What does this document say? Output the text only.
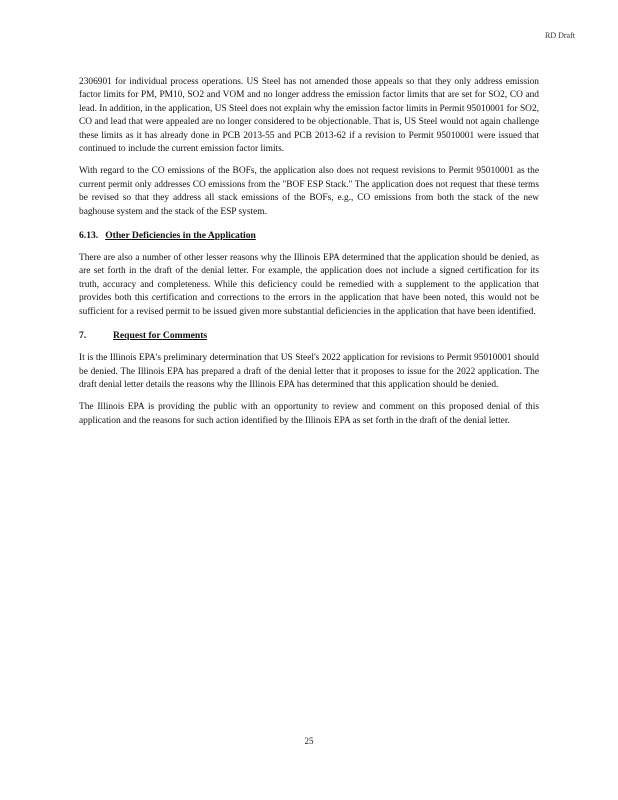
RD Draft

2306901 for individual process operations. US Steel has not amended those appeals so that they only address emission factor limits for PM, PM10, SO2 and VOM and no longer address the emission factor limits that are set for SO2, CO and lead. In addition, in the application, US Steel does not explain why the emission factor limits in Permit 95010001 for SO2, CO and lead that were appealed are no longer considered to be objectionable. That is, US Steel would not again challenge these limits as it has already done in PCB 2013-55 and PCB 2013-62 if a revision to Permit 95010001 were issued that continued to include the current emission factor limits.

With regard to the CO emissions of the BOFs, the application also does not request revisions to Permit 95010001 as the current permit only addresses CO emissions from the "BOF ESP Stack." The application does not request that these terms be revised so that they address all stack emissions of the BOFs, e.g., CO emissions from both the stack of the new baghouse system and the stack of the ESP system.

6.13. Other Deficiencies in the Application

There are also a number of other lesser reasons why the Illinois EPA determined that the application should be denied, as are set forth in the draft of the denial letter. For example, the application does not include a signed certification for its truth, accuracy and completeness. While this deficiency could be remedied with a supplement to the application that provides both this certification and corrections to the errors in the application that have been noted, this would not be sufficient for a revised permit to be issued given more substantial deficiencies in the application that have been identified.

7.	Request for Comments

It is the Illinois EPA's preliminary determination that US Steel's 2022 application for revisions to Permit 95010001 should be denied. The Illinois EPA has prepared a draft of the denial letter that it proposes to issue for the 2022 application. The draft denial letter details the reasons why the Illinois EPA has determined that this application should be denied.

The Illinois EPA is providing the public with an opportunity to review and comment on this proposed denial of this application and the reasons for such action identified by the Illinois EPA as set forth in the draft of the denial letter.

25
